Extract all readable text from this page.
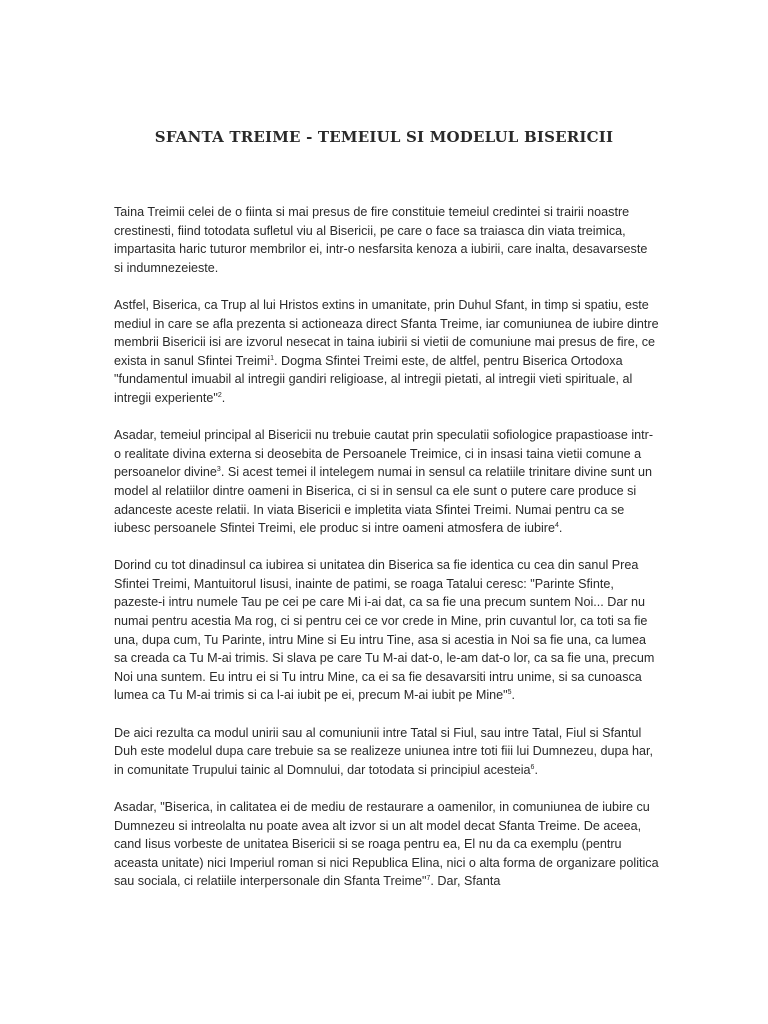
SFANTA TREIME - TEMEIUL SI MODELUL BISERICII

Taina Treimii celei de o fiinta si mai presus de fire constituie temeiul credintei si trairii noastre crestinesti, fiind totodata sufletul viu al Bisericii, pe care o face sa traiasca din viata treimica, impartasita haric tuturor membrilor ei, intr-o nesfarsita kenoza a iubirii, care inalta, desavarseste si indumnezeieste.

Astfel, Biserica, ca Trup al lui Hristos extins in umanitate, prin Duhul Sfant, in timp si spatiu, este mediul in care se afla prezenta si actioneaza direct Sfanta Treime, iar comuniunea de iubire dintre membrii Bisericii isi are izvorul nesecat in taina iubirii si vietii de comuniune mai presus de fire, ce exista in sanul Sfintei Treimi$^1$. Dogma Sfintei Treimi este, de altfel, pentru Biserica Ortodoxa "fundamentul imuabil al intregii gandiri religioase, al intregii pietati, al intregii vieti spirituale, al intregii experiente"$^2$.

Asadar, temeiul principal al Bisericii nu trebuie cautat prin speculatii sofiologice prapastioase intr-o realitate divina externa si deosebita de Persoanele Treimice, ci in insasi taina vietii comune a persoanelor divine$^3$. Si acest temei il intelegem numai in sensul ca relatiile trinitare divine sunt un model al relatiilor dintre oameni in Biserica, ci si in sensul ca ele sunt o putere care produce si adanceste aceste relatii. In viata Bisericii e impletita viata Sfintei Treimi. Numai pentru ca se iubesc persoanele Sfintei Treimi, ele produc si intre oameni atmosfera de iubire$^4$.

Dorind cu tot dinadinsul ca iubirea si unitatea din Biserica sa fie identica cu cea din sanul Prea Sfintei Treimi, Mantuitorul Iisusi, inainte de patimi, se roaga Tatalui ceresc: "Parinte Sfinte, pazeste-i intru numele Tau pe cei pe care Mi i-ai dat, ca sa fie una precum suntem Noi... Dar nu numai pentru acestia Ma rog, ci si pentru cei ce vor crede in Mine, prin cuvantul lor, ca toti sa fie una, dupa cum, Tu Parinte, intru Mine si Eu intru Tine, asa si acestia in Noi sa fie una, ca lumea sa creada ca Tu M-ai trimis. Si slava pe care Tu M-ai dat-o, le-am dat-o lor, ca sa fie una, precum Noi una suntem. Eu intru ei si Tu intru Mine, ca ei sa fie desavarsiti intru unime, si sa cunoasca lumea ca Tu M-ai trimis si ca l-ai iubit pe ei, precum M-ai iubit pe Mine"$^5$.

De aici rezulta ca modul unirii sau al comuniunii intre Tatal si Fiul, sau intre Tatal, Fiul si Sfantul Duh este modelul dupa care trebuie sa se realizeze uniunea intre toti fiii lui Dumnezeu, dupa har, in comunitate Trupului tainic al Domnului, dar totodata si principiul acesteia$^6$.

Asadar, "Biserica, in calitatea ei de mediu de restaurare a oamenilor, in comuniunea de iubire cu Dumnezeu si intreolalta nu poate avea alt izvor si un alt model decat Sfanta Treime. De aceea, cand Iisus vorbeste de unitatea Bisericii si se roaga pentru ea, El nu da ca exemplu (pentru aceasta unitate) nici Imperiul roman si nici Republica Elina, nici o alta forma de organizare politica sau sociala, ci relatiile interpersonale din Sfanta Treime"$^7$. Dar, Sfanta
